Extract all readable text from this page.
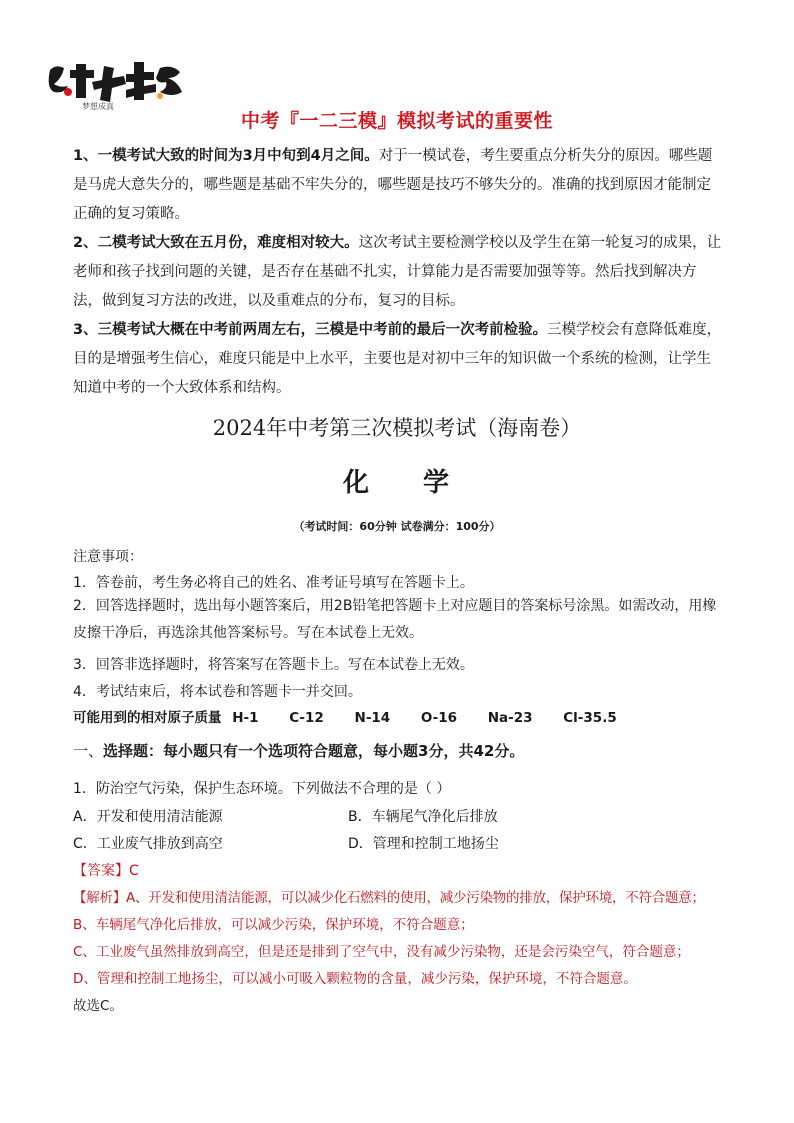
梦想成真
中考『一二三模』模拟考试的重要性

1、一模考试大致的时间为3月中旬到4月之间。对于一模试卷，考生要重点分析失分的原因。哪些题是马虎大意失分的，哪些题是基础不牢失分的，哪些题是技巧不够失分的。准确的找到原因才能制定正确的复习策略。

2、二模考试大致在五月份，难度相对较大。这次考试主要检测学校以及学生在第一轮复习的成果，让老师和孩子找到问题的关键，是否存在基础不扎实，计算能力是否需要加强等等。然后找到解决方法，做到复习方法的改进，以及重难点的分布，复习的目标。

3、三模考试大概在中考前两周左右，三模是中考前的最后一次考前检验。三模学校会有意降低难度，目的是增强考生信心，难度只能是中上水平，主要也是对初中三年的知识做一个系统的检测，让学生知道中考的一个大致体系和结构。

2024年中考第三次模拟考试（海南卷）
化 学
（考试时间：60分钟 试卷满分：100分）
注意事项：
1．答卷前，考生务必将自己的姓名、准考证号填写在答题卡上。

2．回答选择题时，选出每小题答案后，用2B铅笔把答题卡上对应题目的答案标号涂黑。如需改动，用橡皮擦干净后，再选涂其他答案标号。写在本试卷上无效。

3．回答非选择题时，将答案写在答题卡上。写在本试卷上无效。
4．考试结束后，将本试卷和答题卡一并交回。
可能用到的相对原子质量 H-1 C-12 N-14 O-16 Na-23 Cl-35.5
一、选择题：每小题只有一个选项符合题意，每小题3分，共42分。
1．防治空气污染，保护生态环境。下列做法不合理的是（ ）
A．开发和使用清洁能源	B．车辆尾气净化后排放
C．工业废气排放到高空	D．管理和控制工地扬尘
【答案】C
【解析】A、开发和使用清洁能源，可以减少化石燃料的使用，减少污染物的排放，保护环境，不符合题意；
B、车辆尾气净化后排放，可以减少污染，保护环境，不符合题意；
C、工业废气虽然排放到高空，但是还是排到了空气中，没有减少污染物，还是会污染空气，符合题意；
D、管理和控制工地扬尘，可以减小可吸入颗粒物的含量，减少污染，保护环境，不符合题意。
故选C。
